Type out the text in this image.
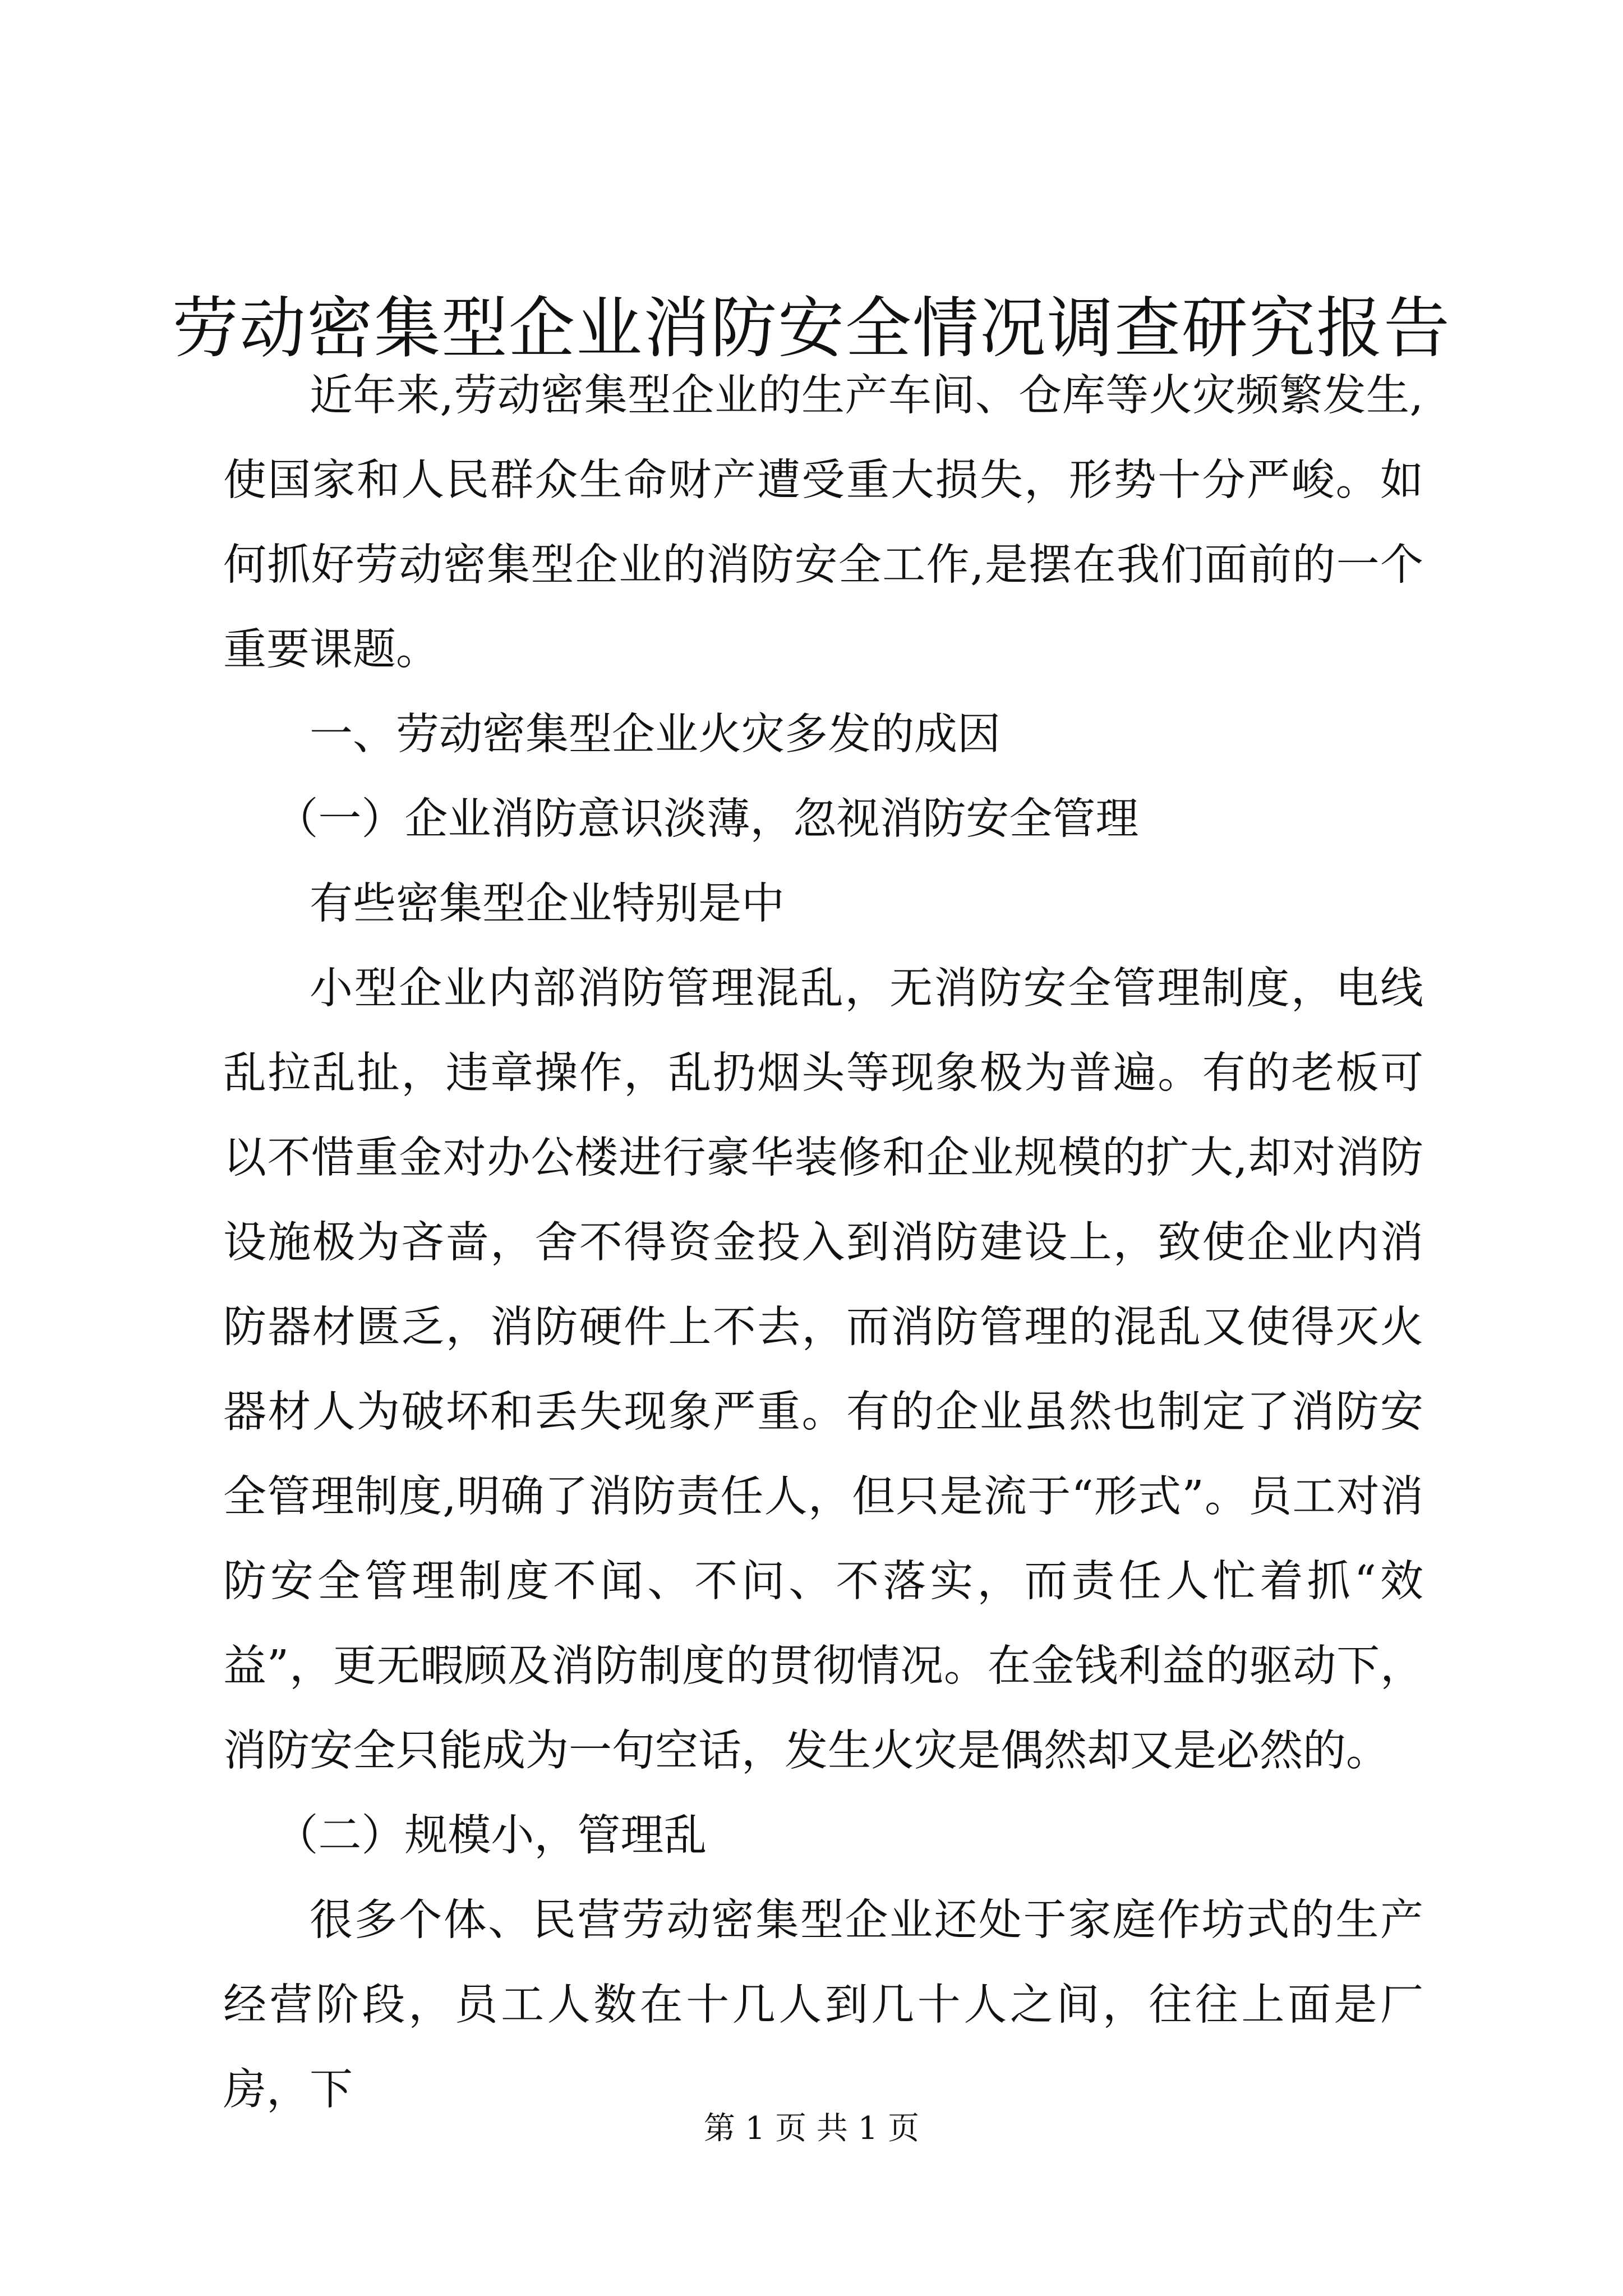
劳动密集型企业消防安全情况调查研究报告

近年来,劳动密集型企业的生产车间、仓库等火灾频繁发生,使国家和人民群众生命财产遭受重大损失，形势十分严峻。如何抓好劳动密集型企业的消防安全工作,是摆在我们面前的一个重要课题。

一、劳动密集型企业火灾多发的成因

（一）企业消防意识淡薄，忽视消防安全管理

有些密集型企业特别是中

小型企业内部消防管理混乱，无消防安全管理制度，电线乱拉乱扯，违章操作，乱扔烟头等现象极为普遍。有的老板可以不惜重金对办公楼进行豪华装修和企业规模的扩大,却对消防设施极为吝啬，舍不得资金投入到消防建设上，致使企业内消防器材匮乏，消防硬件上不去，而消防管理的混乱又使得灭火器材人为破坏和丢失现象严重。有的企业虽然也制定了消防安全管理制度,明确了消防责任人，但只是流于“形式”。员工对消防安全管理制度不闻、不问、不落实，而责任人忙着抓“效益”，更无暇顾及消防制度的贯彻情况。在金钱利益的驱动下，消防安全只能成为一句空话，发生火灾是偶然却又是必然的。

（二）规模小，管理乱

很多个体、民营劳动密集型企业还处于家庭作坊式的生产经营阶段，员工人数在十几人到几十人之间，往往上面是厂房，下

第 1 页 共 1 页
